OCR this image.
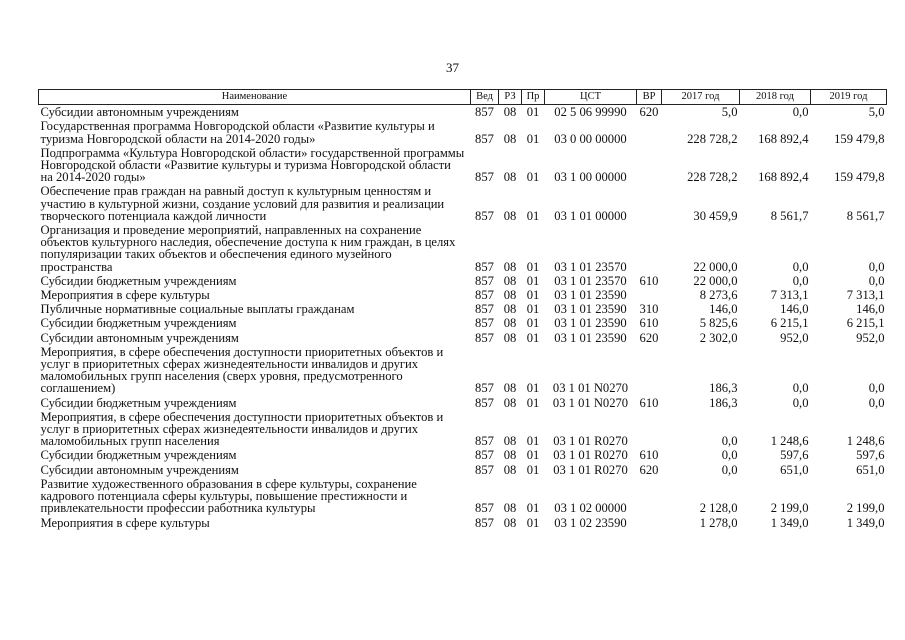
37
Наименование	Вед	РЗ	Пр	ЦСТ	ВР	2017 год	2018 год	2019 год
Субсидии автономным учреждениям	857	08	01	02 5 06 99990	620	5,0	0,0	5,0
Государственная программа Новгородской области «Развитие культуры и туризма Новгородской области на 2014-2020 годы»	857	08	01	03 0 00 00000		228 728,2	168 892,4	159 479,8
Подпрограмма «Культура Новгородской области» государственной программы Новгородской области «Развитие культуры и туризма Новгородской области на 2014-2020 годы»	857	08	01	03 1 00 00000		228 728,2	168 892,4	159 479,8
Обеспечение прав граждан на равный доступ к культурным ценностям и участию в культурной жизни, создание условий для развития и реализации творческого потенциала каждой личности	857	08	01	03 1 01 00000		30 459,9	8 561,7	8 561,7
Организация и проведение мероприятий, направленных на сохранение объектов культурного наследия, обеспечение доступа к ним граждан, в целях популяризации таких объектов и обеспечения единого музейного пространства	857	08	01	03 1 01 23570		22 000,0	0,0	0,0
Субсидии бюджетным учреждениям	857	08	01	03 1 01 23570	610	22 000,0	0,0	0,0
Мероприятия в сфере культуры	857	08	01	03 1 01 23590		8 273,6	7 313,1	7 313,1
Публичные нормативные социальные выплаты гражданам	857	08	01	03 1 01 23590	310	146,0	146,0	146,0
Субсидии бюджетным учреждениям	857	08	01	03 1 01 23590	610	5 825,6	6 215,1	6 215,1
Субсидии автономным учреждениям	857	08	01	03 1 01 23590	620	2 302,0	952,0	952,0
Мероприятия, в сфере обеспечения доступности приоритетных объектов и услуг в приоритетных сферах жизнедеятельности инвалидов и других маломобильных групп населения (сверх уровня, предусмотренного соглашением)	857	08	01	03 1 01 N0270		186,3	0,0	0,0
Субсидии бюджетным учреждениям	857	08	01	03 1 01 N0270	610	186,3	0,0	0,0
Мероприятия, в сфере обеспечения доступности приоритетных объектов и услуг в приоритетных сферах жизнедеятельности инвалидов и других маломобильных групп населения	857	08	01	03 1 01 R0270		0,0	1 248,6	1 248,6
Субсидии бюджетным учреждениям	857	08	01	03 1 01 R0270	610	0,0	597,6	597,6
Субсидии автономным учреждениям	857	08	01	03 1 01 R0270	620	0,0	651,0	651,0
Развитие художественного образования в сфере культуры, сохранение кадрового потенциала сферы культуры, повышение престижности и привлекательности профессии работника культуры	857	08	01	03 1 02 00000		2 128,0	2 199,0	2 199,0
Мероприятия в сфере культуры	857	08	01	03 1 02 23590		1 278,0	1 349,0	1 349,0
